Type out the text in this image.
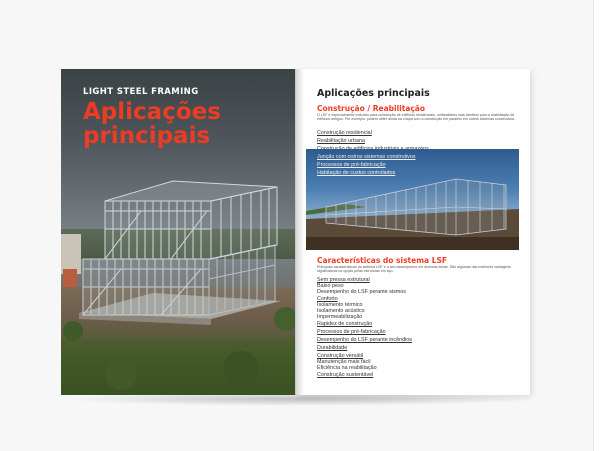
LIGHT STEEL FRAMING
Aplicações
principais
Aplicações principais
Construção / Reabilitação
O LSF é especialmente indicado para construção de edifícios residenciais, unifamiliares mas também para a reabilitação de edifícios antigos. Por exemplo, podem obter ainda na chapa com a construção em paralelo em outros sistemas construtivos.
Construção residencial
Reabilitação urbana
Junção com outros sistemas construtivos
Processos de pré-fabricação
Habitação de custos controlados
Características do sistema LSF
Principais características do sistema LSF e o seu desempenho em diversas áreas. São algumas das melhores vantagens significativas na opção pelas estruturas em aço.
Sem pressa estrutural
Baixo peso
Desempenho do LSF perante sismos
Conforto
Isolamento térmico
Isolamento acústico
Impermeabilização
Rapidez de construção
Processos de pré-fabricação
Desempenho do LSF perante incêndios
Durabilidade
Construção versátil
Manutenção mais fácil
Eficiência na reabilitação
Construção sustentável
